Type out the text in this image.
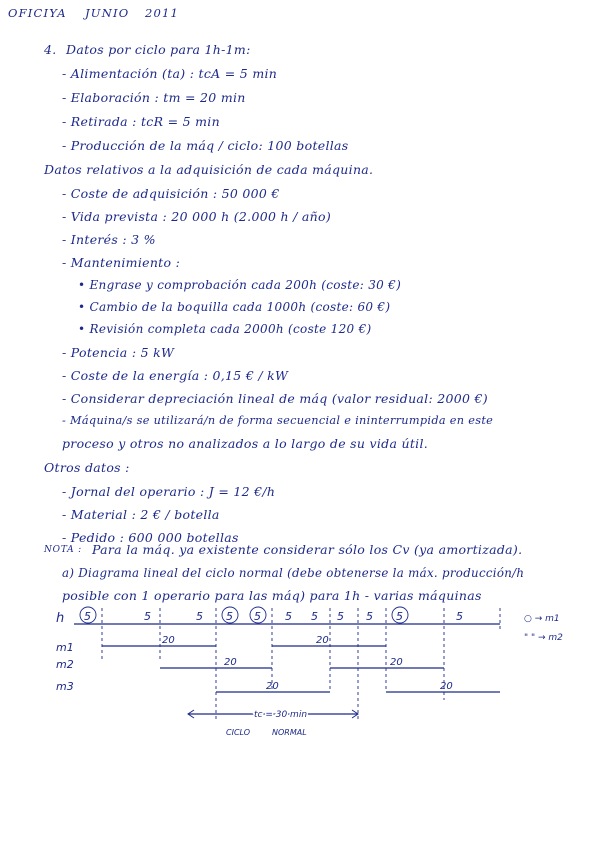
OFICIYA JUNIO 2011
4. Datos por ciclo para 1h-1m:
- Alimentación (ta) : tcA = 5 min
- Elaboración : tm = 20 min
- Retirada : tcR = 5 min
- Producción de la máq / ciclo: 100 botellas
Datos relativos a la adquisición de cada máquina.
- Coste de adquisición : 50 000 €
- Vida prevista : 20 000 h (2.000 h / año)
- Interés : 3 %
- Mantenimiento :
• Engrase y comprobación cada 200h (coste: 30 €)
• Cambio de la boquilla cada 1000h (coste: 60 €)
• Revisión completa cada 2000h (coste 120 €)
- Potencia : 5 kW
- Coste de la energía : 0,15 € / kW
- Considerar depreciación lineal de máq (valor residual: 2000 €)
- Máquina/s se utilizará/n de forma secuencial e ininterrumpida en este
proceso y otros no analizados a lo largo de su vida útil.
Otros datos :
- Jornal del operario : J = 12 €/h
- Material : 2 € / botella
- Pedido : 600 000 botellas
NOTA : Para la máq. ya existente considerar sólo los Cv (ya amortizada).
a) Diagrama lineal del ciclo normal (debe obtenerse la máx. producción/h
posible con 1 operario para las máq) para 1h - varias máquinas
h
m1
m2
m3
5	5	5 5 5 5 5 5 5 5	5	○ → m1
" " → m2
20	20
20	20
20	20
tc = 30 min
CICLO	NORMAL
